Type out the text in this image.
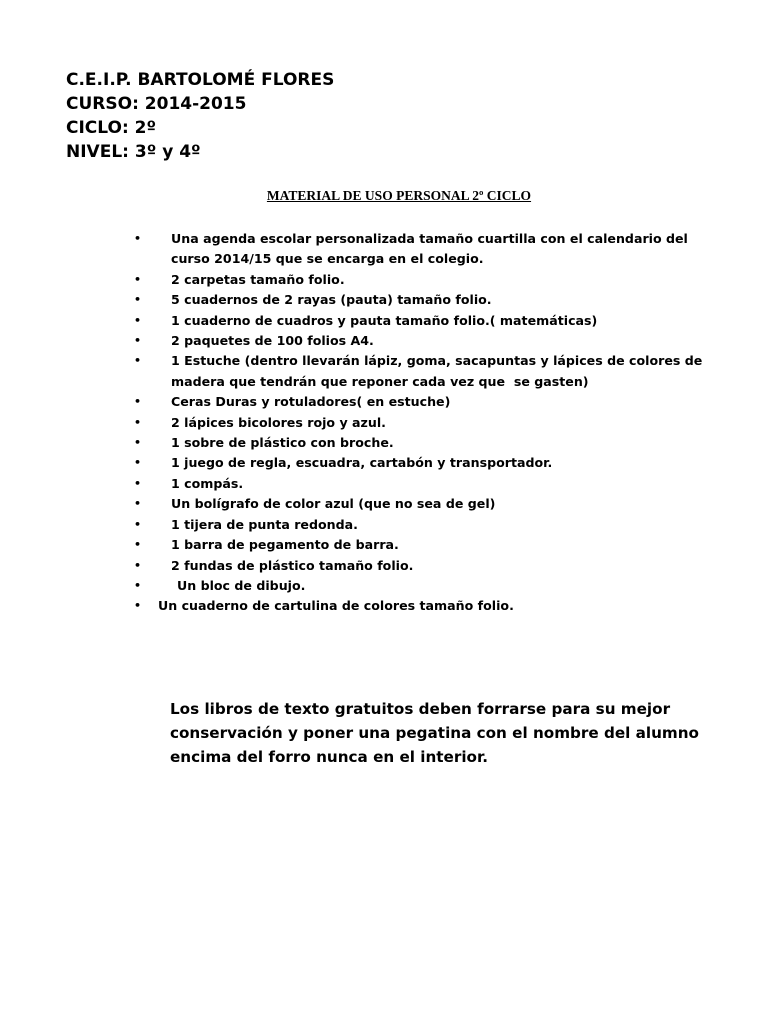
C.E.I.P. BARTOLOMÉ FLORES
CURSO: 2014-2015
CICLO: 2º
NIVEL: 3º y 4º
MATERIAL DE USO PERSONAL 2º CICLO
• Una agenda escolar personalizada tamaño cuartilla con el calendario del curso 2014/15 que se encarga en el colegio.
• 2 carpetas tamaño folio.
• 5 cuadernos de 2 rayas (pauta) tamaño folio.
• 1 cuaderno de cuadros y pauta tamaño folio.( matemáticas)
• 2 paquetes de 100 folios A4.
• 1 Estuche (dentro llevarán lápiz, goma, sacapuntas y lápices de colores de madera que tendrán que reponer cada vez que  se gasten)
• Ceras Duras y rotuladores( en estuche)
• 2 lápices bicolores rojo y azul.
• 1 sobre de plástico con broche.
• 1 juego de regla, escuadra, cartabón y transportador.
• 1 compás.
• Un bolígrafo de color azul (que no sea de gel)
• 1 tijera de punta redonda.
• 1 barra de pegamento de barra.
• 2 fundas de plástico tamaño folio.
•	Un bloc de dibujo.
• Un cuaderno de cartulina de colores tamaño folio.
Los libros de texto gratuitos deben forrarse para su mejor conservación y poner una pegatina con el nombre del alumno encima del forro nunca en el interior.
